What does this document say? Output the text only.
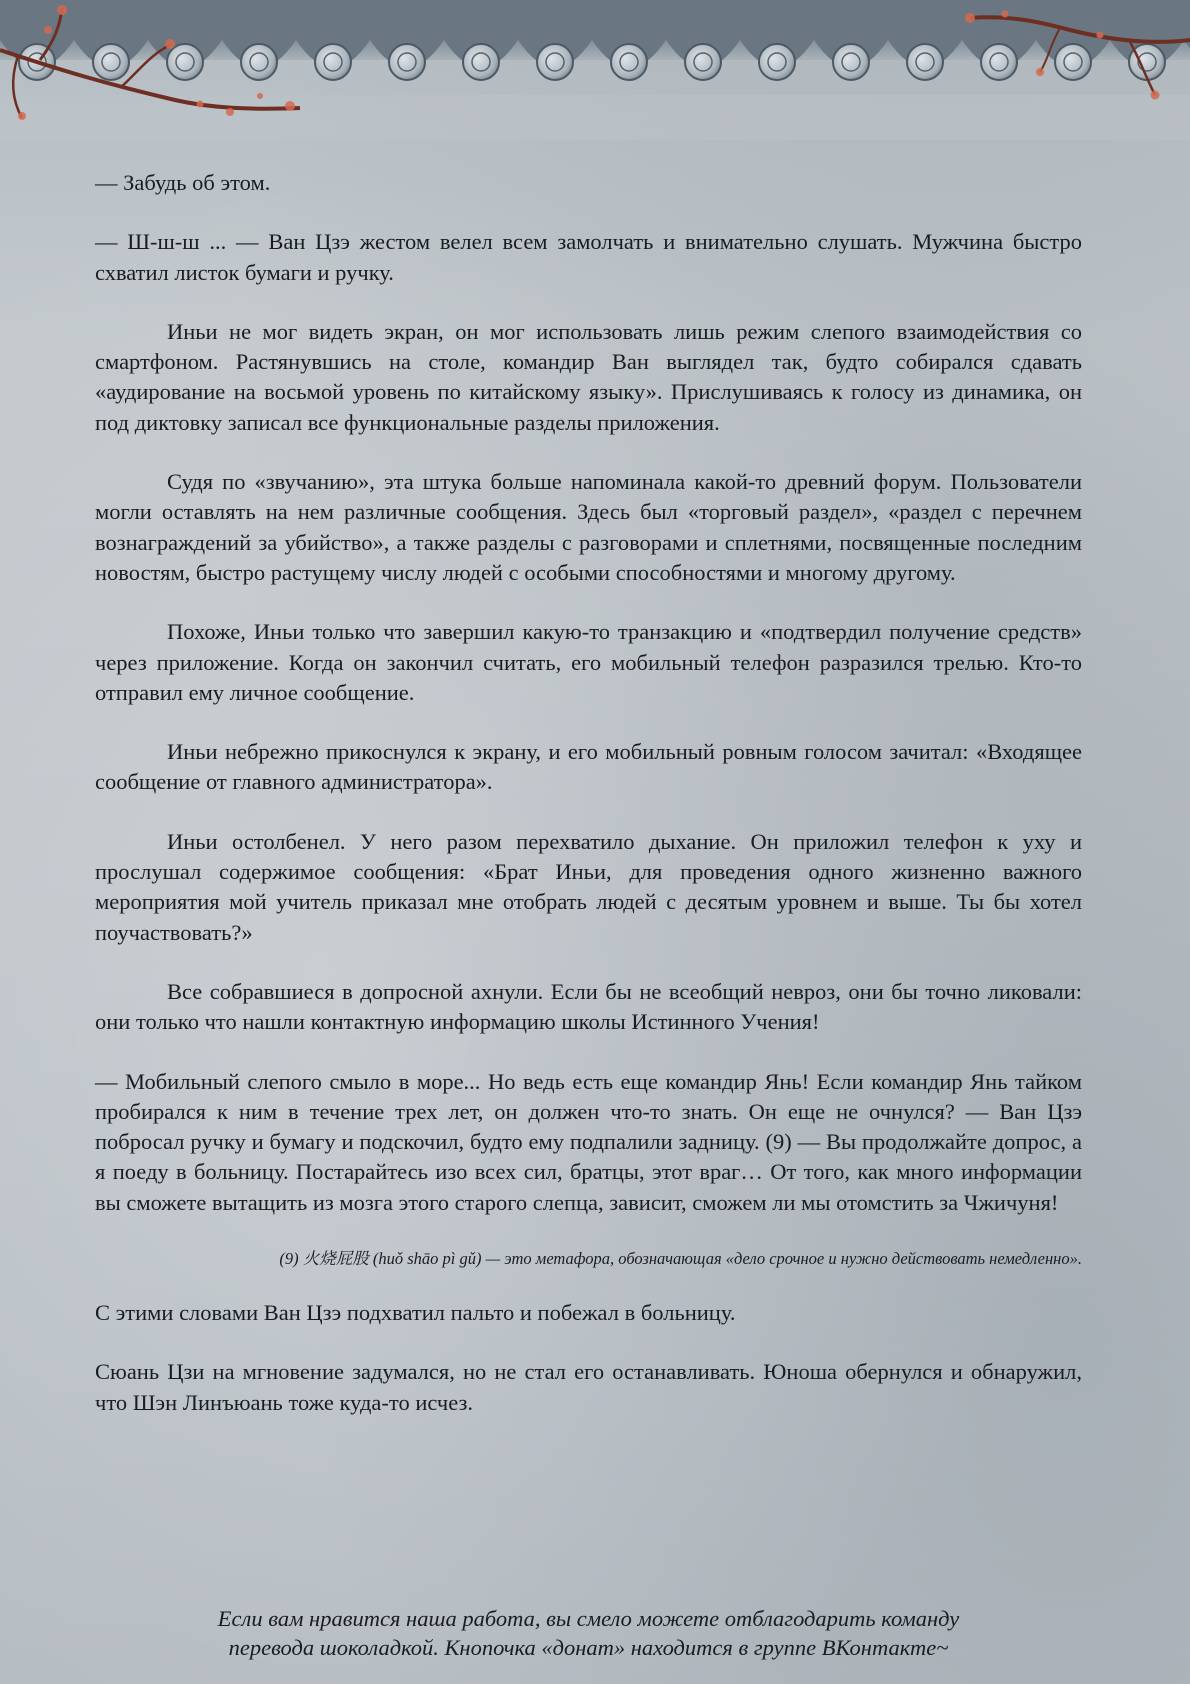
— Забудь об этом.

— Ш-ш-ш ... — Ван Цзэ жестом велел всем замолчать и внимательно слушать. Мужчина быстро схватил листок бумаги и ручку.

Иньи не мог видеть экран, он мог использовать лишь режим слепого взаимодействия со смартфоном. Растянувшись на столе, командир Ван выглядел так, будто собирался сдавать «аудирование на восьмой уровень по китайскому языку». Прислушиваясь к голосу из динамика, он под диктовку записал все функциональные разделы приложения.

Судя по «звучанию», эта штука больше напоминала какой-то древний форум. Пользователи могли оставлять на нем различные сообщения. Здесь был «торговый раздел», «раздел с перечнем вознаграждений за убийство», а также разделы с разговорами и сплетнями, посвященные последним новостям, быстро растущему числу людей с особыми способностями и многому другому.

Похоже, Иньи только что завершил какую-то транзакцию и «подтвердил получение средств» через приложение. Когда он закончил считать, его мобильный телефон разразился трелью. Кто-то отправил ему личное сообщение.

Иньи небрежно прикоснулся к экрану, и его мобильный ровным голосом зачитал: «Входящее сообщение от главного администратора».

Иньи остолбенел. У него разом перехватило дыхание. Он приложил телефон к уху и прослушал содержимое сообщения: «Брат Иньи, для проведения одного жизненно важного мероприятия мой учитель приказал мне отобрать людей с десятым уровнем и выше. Ты бы хотел поучаствовать?»

Все собравшиеся в допросной ахнули. Если бы не всеобщий невроз, они бы точно ликовали: они только что нашли контактную информацию школы Истинного Учения!

— Мобильный слепого смыло в море... Но ведь есть еще командир Янь! Если командир Янь тайком пробирался к ним в течение трех лет, он должен что-то знать. Он еще не очнулся? — Ван Цзэ побросал ручку и бумагу и подскочил, будто ему подпалили задницу. (9) — Вы продолжайте допрос, а я поеду в больницу. Постарайтесь изо всех сил, братцы, этот враг… От того, как много информации вы сможете вытащить из мозга этого старого слепца, зависит, сможем ли мы отомстить за Чжичуня!

(9) 火烧屁股 (huǒ shāo pì gǔ) — это метафора, обозначающая «дело срочное и нужно действовать немедленно».

С этими словами Ван Цзэ подхватил пальто и побежал в больницу.

Сюань Цзи на мгновение задумался, но не стал его останавливать. Юноша обернулся и обнаружил, что Шэн Линъюань тоже куда-то исчез.

Если вам нравится наша работа, вы смело можете отблагодарить команду
перевода шоколадкой. Кнопочка «донат» находится в группе ВКонтакте~
